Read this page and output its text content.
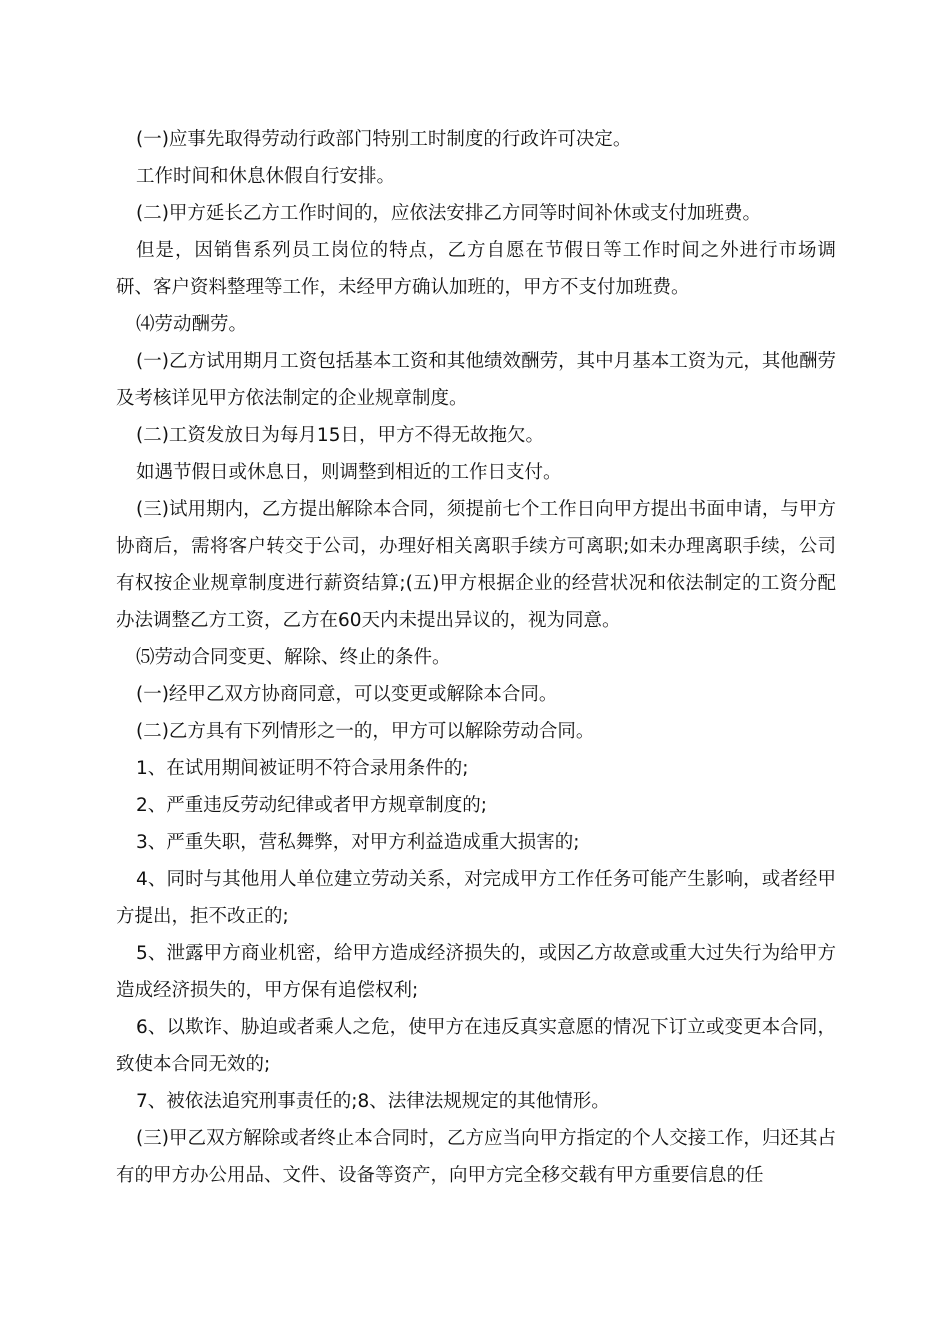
(一)应事先取得劳动行政部门特别工时制度的行政许可决定。

工作时间和休息休假自行安排。

(二)甲方延长乙方工作时间的，应依法安排乙方同等时间补休或支付加班费。

但是，因销售系列员工岗位的特点，乙方自愿在节假日等工作时间之外进行市场调研、客户资料整理等工作，未经甲方确认加班的，甲方不支付加班费。

⑷劳动酬劳。

(一)乙方试用期月工资包括基本工资和其他绩效酬劳，其中月基本工资为元，其他酬劳及考核详见甲方依法制定的企业规章制度。

(二)工资发放日为每月15日，甲方不得无故拖欠。

如遇节假日或休息日，则调整到相近的工作日支付。

(三)试用期内，乙方提出解除本合同，须提前七个工作日向甲方提出书面申请，与甲方协商后，需将客户转交于公司，办理好相关离职手续方可离职;如未办理离职手续，公司有权按企业规章制度进行薪资结算;(五)甲方根据企业的经营状况和依法制定的工资分配办法调整乙方工资，乙方在60天内未提出异议的，视为同意。

⑸劳动合同变更、解除、终止的条件。

(一)经甲乙双方协商同意，可以变更或解除本合同。

(二)乙方具有下列情形之一的，甲方可以解除劳动合同。

1、在试用期间被证明不符合录用条件的;

2、严重违反劳动纪律或者甲方规章制度的;

3、严重失职，营私舞弊，对甲方利益造成重大损害的;

4、同时与其他用人单位建立劳动关系，对完成甲方工作任务可能产生影响，或者经甲方提出，拒不改正的;

5、泄露甲方商业机密，给甲方造成经济损失的，或因乙方故意或重大过失行为给甲方造成经济损失的，甲方保有追偿权利;

6、以欺诈、胁迫或者乘人之危，使甲方在违反真实意愿的情况下订立或变更本合同，致使本合同无效的;

7、被依法追究刑事责任的;8、法律法规规定的其他情形。

(三)甲乙双方解除或者终止本合同时，乙方应当向甲方指定的个人交接工作，归还其占有的甲方办公用品、文件、设备等资产，向甲方完全移交载有甲方重要信息的任
